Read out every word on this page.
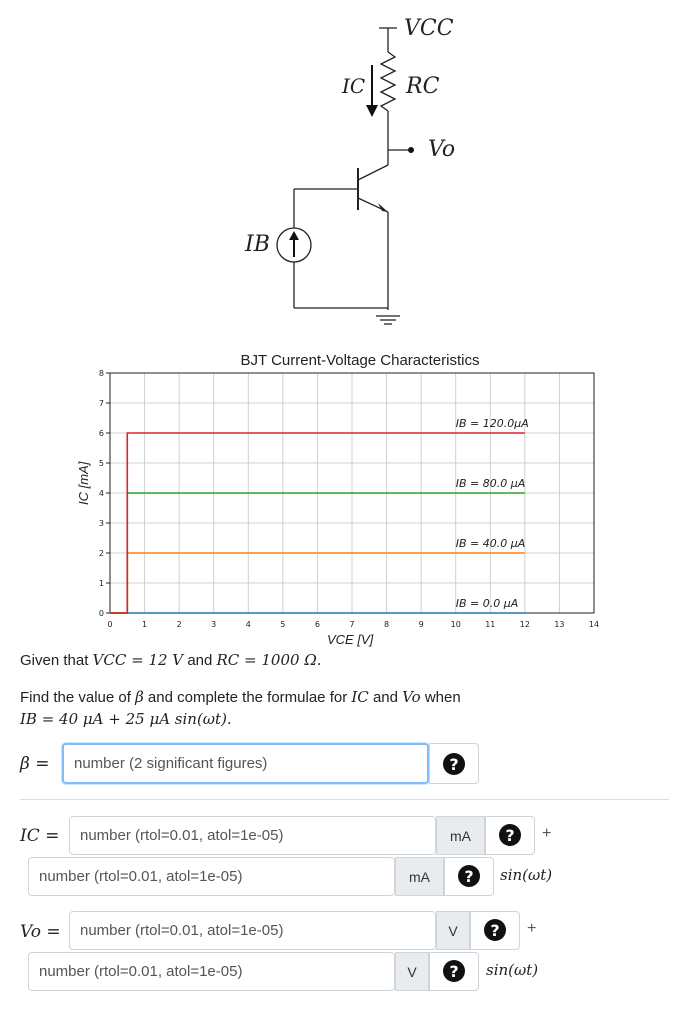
VCC
RC
IC
Vo
IB
BJT Current-Voltage Characteristics
0	1	2	3	4	5	6	7	8	9	10	11	12	13	14
0
1
2
3
4
5
6
7
8
IB = 120.0μA
IB = 80.0 μA
IB = 40.0 μA
IB = 0.0 μA
IC [mA]
VCE [V]
Given that VCC = 12 V and RC = 1000 Ω.
Find the value of β and complete the formulae for IC and Vo when
IB = 40 μA + 25 μA sin(ωt).
β =	number (2 significant figures)	?
IC =	number (rtol=0.01, atol=1e-05)	mA	?	+
number (rtol=0.01, atol=1e-05)	mA	?	sin(ωt)
Vo =	number (rtol=0.01, atol=1e-05)	V	?	+
number (rtol=0.01, atol=1e-05)	V	?	sin(ωt)
